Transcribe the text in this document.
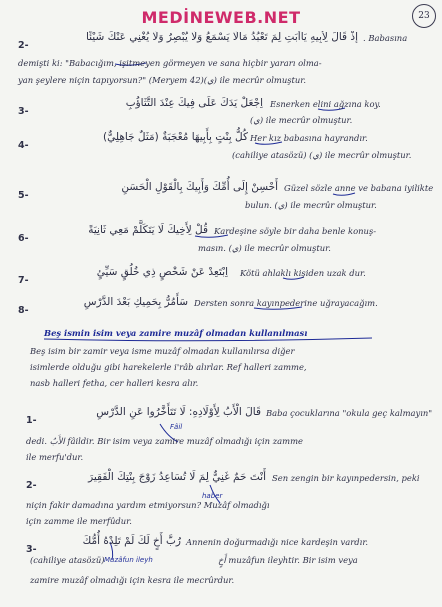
MEDİNEWEB.NET	23
2-
إِذْ قَالَ لِأَبِيهِ يَاأَبَتِ لِمَ تَعْبُدُ مَالَا يَسْمَعُ وَلَا يُبْصِرُ وَلَا يُغْنِي عَنْكَ شَيْئًا . Babasına
demişti ki: "Babacığım, işitmeyen görmeyen ve sana hiçbir yararı olma-
yan şeylere niçin tapıyorsun?" (Meryem 42)(ي) ile mecrûr olmuştur.
3-
اِجْعَلْ يَدَكَ عَلَى فِيكَ عِنْدَ التَّثَاؤُبِ Esnerken elini ağzına koy.
(ي) ile mecrûr olmuştur.
4-
كُلُّ بِنْتٍ بِأَبِيهَا مُعْجَبَةٌ (مَثَلٌ جَاهِلِيٌّ) Her kız babasına hayrandır.
(cahiliye atasözü) (ي) ile mecrûr olmuştur.
5-
أَحْسِنْ إِلَى أُمِّكَ وَأَبِيكَ بِالْقَوْلِ الْحَسَنِ Güzel sözle anne ve babana iyilikte
bulun. (ي) ile mecrûr olmuştur.
6-
قُلْ لِأَخِيكَ لَا يَتَكَلَّمْ مَعِي ثَانِيَةً Kardeşine söyle bir daha benle konuş-
masın. (ي) ile mecrûr olmuştur.
7-
اِبْتَعِدْ عَنْ شَخْصٍ ذِي خُلُقٍ سَيِّئٍ Kötü ahlaklı kişiden uzak dur.
8-
سَأَمُرُّ بِحَمِيكِ بَعْدَ الدَّرْسِ Dersten sonra kayınpederine uğrayacağım.
Beş ismin isim veya zamire muzâf olmadan kullanılması
Beş isim bir zamir veya isme muzâf olmadan kullanılırsa diğer
isimlerde olduğu gibi harekelerle i'râb alırlar. Ref halleri zamme,
nasb halleri fetha, cer halleri kesra alır.
1-
قَالَ الْأَبُ لِأَوْلَادِهِ: لَا تَتَأَخَّرُوا عَنِ الدَّرْسِ Baba çocuklarına "okula geç kalmayın"
Fâil
dedi. الأَبُ fâildir. Bir isim veya zamire muzâf olmadığı için zamme
ile merfu'dur.
2-
أَنْتَ حَمٌ غَنِيٌّ لِمَ لَا تُسَاعِدُ زَوْجَ بِنْتِكَ الْفَقِيرَ Sen zengin bir kayınpedersin, peki
haber
niçin fakir damadına yardım etmiyorsun? Muzâf olmadığı
için zamme ile merfûdur.
3-
رُبَّ أَخٍ لَكَ لَمْ تَلِدْهُ أُمُّكَ Annenin doğurmadığı nice kardeşin vardır.
(cahiliye atasözü) Muzâfun ileyh	أَخٍ muzâfun ileyhtir. Bir isim veya
zamire muzâf olmadığı için kesra ile mecrûrdur.
